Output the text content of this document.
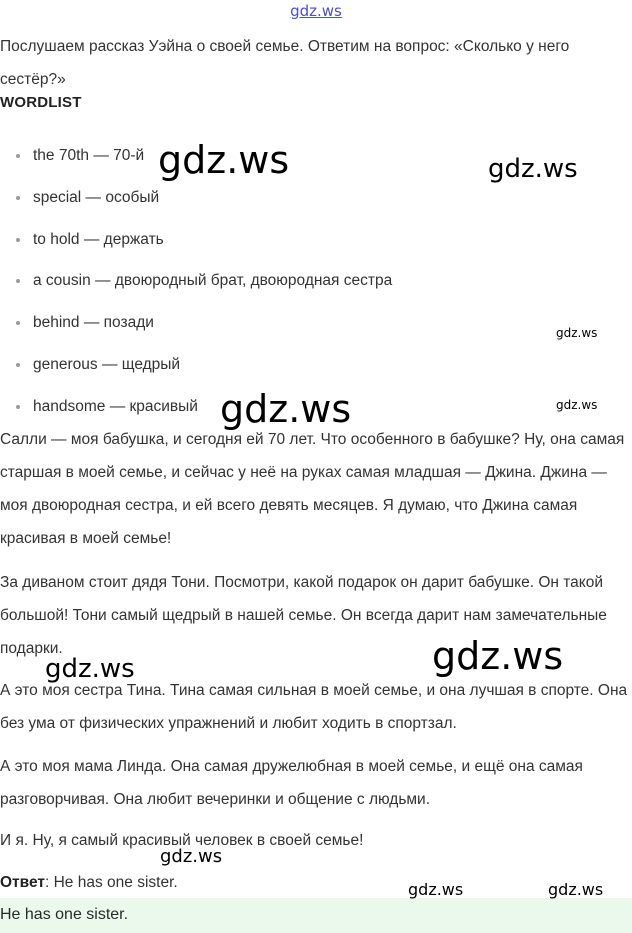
gdz.ws

Послушаем рассказ Уэйна о своей семье. Ответим на вопрос: «Сколько у него сестёр?»

WORDLIST
the 70th — 70-й
special — особый
to hold — держать
a cousin — двоюродный брат, двоюродная сестра
behind — позади
generous — щедрый
handsome — красивый

Салли — моя бабушка, и сегодня ей 70 лет. Что особенного в бабушке? Ну, она самая старшая в моей семье, и сейчас у неё на руках самая младшая — Джина. Джина — моя двоюродная сестра, и ей всего девять месяцев. Я думаю, что Джина самая красивая в моей семье!

За диваном стоит дядя Тони. Посмотри, какой подарок он дарит бабушке. Он такой большой! Тони самый щедрый в нашей семье. Он всегда дарит нам замечательные подарки.

А это моя сестра Тина. Тина самая сильная в моей семье, и она лучшая в спорте. Она без ума от физических упражнений и любит ходить в спортзал.

А это моя мама Линда. Она самая дружелюбная в моей семье, и ещё она самая разговорчивая. Она любит вечеринки и общение с людьми.

И я. Ну, я самый красивый человек в своей семье!

Ответ: He has one sister.
He has one sister.
gdz.ws	gdz.ws
gdz.ws
gdz.ws	gdz.ws
gdz.ws	gdz.ws
gdz.ws
gdz.ws	gdz.ws
